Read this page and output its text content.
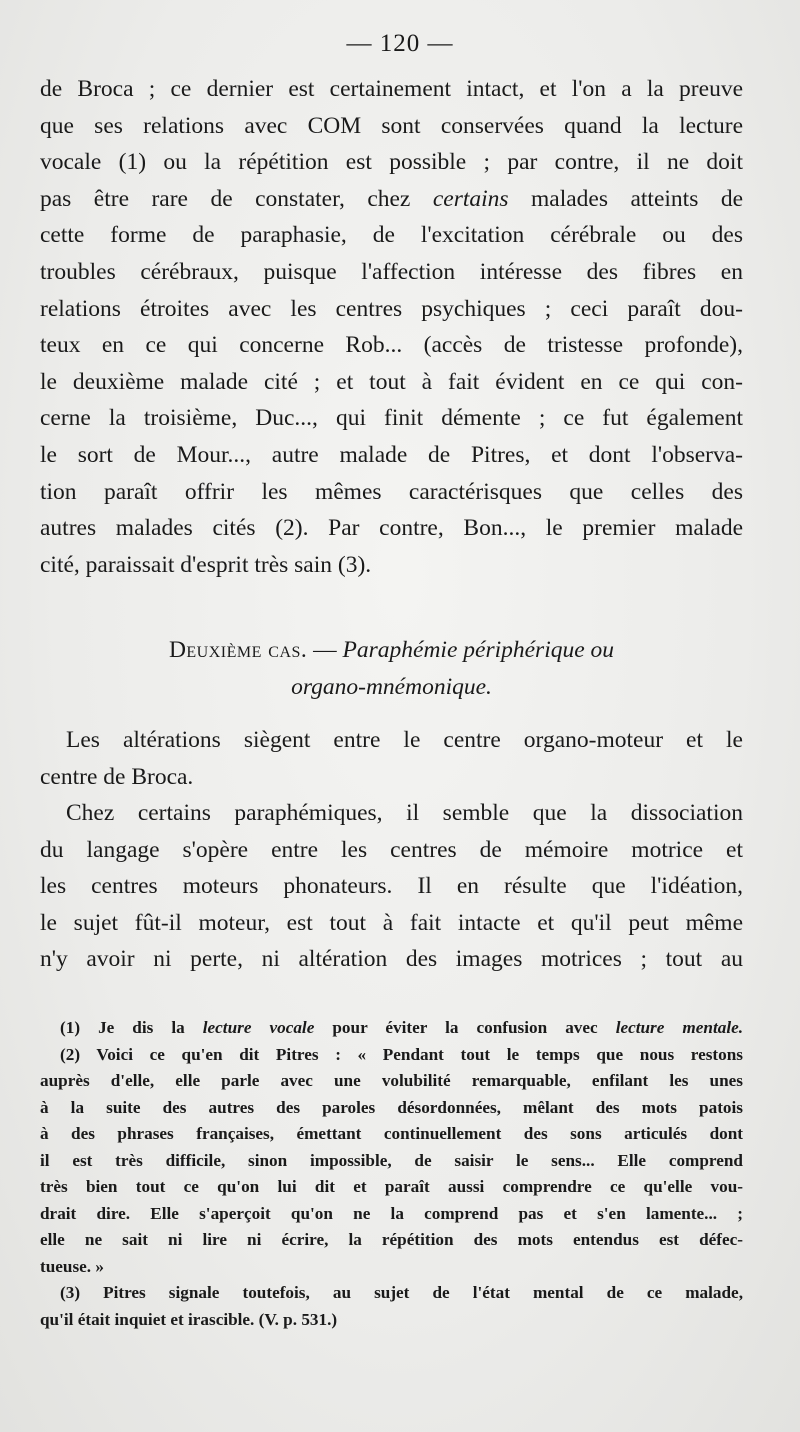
— 120 —
de Broca ; ce dernier est certainement intact, et l'on a la preuve
que ses relations avec COM sont conservées quand la lecture
vocale (1) ou la répétition est possible ; par contre, il ne doit
pas être rare de constater, chez certains malades atteints de
cette forme de paraphasie, de l'excitation cérébrale ou des
troubles cérébraux, puisque l'affection intéresse des fibres en
relations étroites avec les centres psychiques ; ceci paraît dou-
teux en ce qui concerne Rob... (accès de tristesse profonde),
le deuxième malade cité ; et tout à fait évident en ce qui con-
cerne la troisième, Duc..., qui finit démente ; ce fut également
le sort de Mour..., autre malade de Pitres, et dont l'observa-
tion paraît offrir les mêmes caractérisques que celles des
autres malades cités (2). Par contre, Bon..., le premier malade
cité, paraissait d'esprit très sain (3).
Deuxième cas. — Paraphémie périphérique ou
organo-mnémonique.
Les altérations siègent entre le centre organo-moteur et le
centre de Broca.
Chez certains paraphémiques, il semble que la dissociation
du langage s'opère entre les centres de mémoire motrice et
les centres moteurs phonateurs. Il en résulte que l'idéation,
le sujet fût-il moteur, est tout à fait intacte et qu'il peut même
n'y avoir ni perte, ni altération des images motrices ; tout au
(1) Je dis la lecture vocale pour éviter la confusion avec lecture mentale.
(2) Voici ce qu'en dit Pitres : « Pendant tout le temps que nous restons
auprès d'elle, elle parle avec une volubilité remarquable, enfilant les unes
à la suite des autres des paroles désordonnées, mêlant des mots patois
à des phrases françaises, émettant continuellement des sons articulés dont
il est très difficile, sinon impossible, de saisir le sens... Elle comprend
très bien tout ce qu'on lui dit et paraît aussi comprendre ce qu'elle vou-
drait dire. Elle s'aperçoit qu'on ne la comprend pas et s'en lamente... ;
elle ne sait ni lire ni écrire, la répétition des mots entendus est défec-
tueuse. »
(3) Pitres signale toutefois, au sujet de l'état mental de ce malade,
qu'il était inquiet et irascible. (V. p. 531.)
